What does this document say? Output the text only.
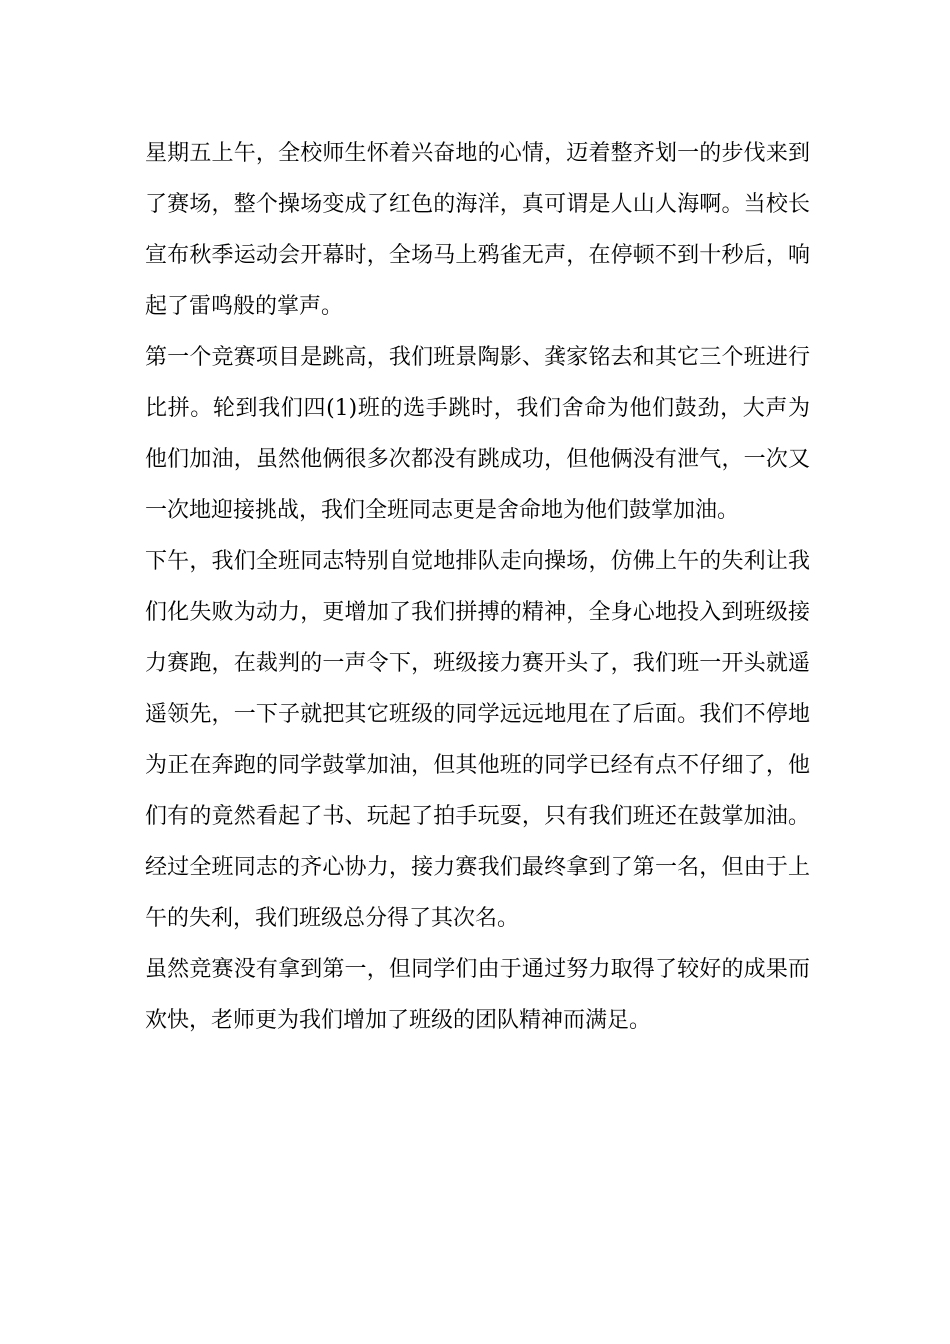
星期五上午，全校师生怀着兴奋地的心情，迈着整齐划一的步伐来到了赛场，整个操场变成了红色的海洋，真可谓是人山人海啊。当校长宣布秋季运动会开幕时，全场马上鸦雀无声，在停顿不到十秒后，响起了雷鸣般的掌声。

第一个竞赛项目是跳高，我们班景陶影、龚家铭去和其它三个班进行比拼。轮到我们四(1)班的选手跳时，我们舍命为他们鼓劲，大声为他们加油，虽然他俩很多次都没有跳成功，但他俩没有泄气，一次又一次地迎接挑战，我们全班同志更是舍命地为他们鼓掌加油。

下午，我们全班同志特别自觉地排队走向操场，仿佛上午的失利让我们化失败为动力，更增加了我们拼搏的精神，全身心地投入到班级接力赛跑，在裁判的一声令下，班级接力赛开头了，我们班一开头就遥遥领先，一下子就把其它班级的同学远远地甩在了后面。我们不停地为正在奔跑的同学鼓掌加油，但其他班的同学已经有点不仔细了，他们有的竟然看起了书、玩起了拍手玩耍，只有我们班还在鼓掌加油。经过全班同志的齐心协力，接力赛我们最终拿到了第一名，但由于上午的失利，我们班级总分得了其次名。

虽然竞赛没有拿到第一，但同学们由于通过努力取得了较好的成果而欢快，老师更为我们增加了班级的团队精神而满足。
